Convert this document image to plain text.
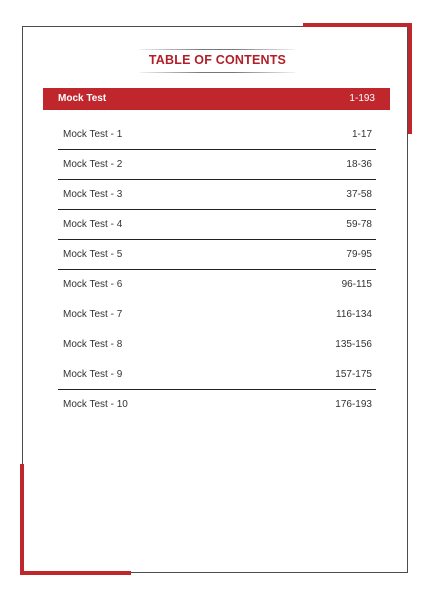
TABLE OF CONTENTS
Mock Test	1-193
Mock Test - 1	1-17
Mock Test - 2	18-36
Mock Test - 3	37-58
Mock Test - 4	59-78
Mock Test - 5	79-95
Mock Test - 6	96-115
Mock Test - 7	116-134
Mock Test - 8	135-156
Mock Test - 9	157-175
Mock Test - 10	176-193
